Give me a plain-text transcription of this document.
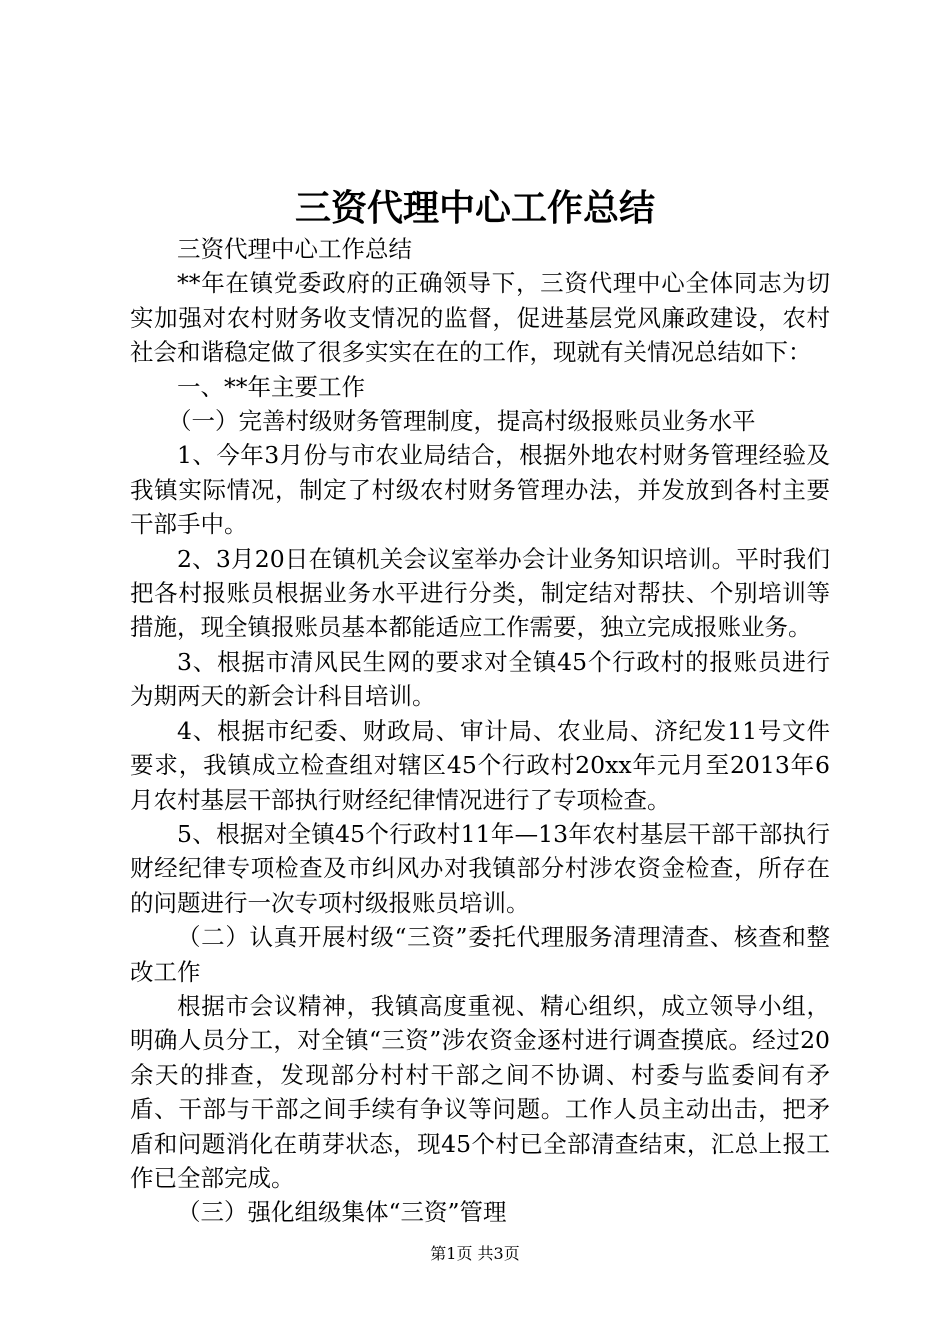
三资代理中心工作总结

三资代理中心工作总结

**年在镇党委政府的正确领导下，三资代理中心全体同志为切实加强对农村财务收支情况的监督，促进基层党风廉政建设，农村社会和谐稳定做了很多实实在在的工作，现就有关情况总结如下：

一、**年主要工作

（一）完善村级财务管理制度，提高村级报账员业务水平

1、今年3月份与市农业局结合，根据外地农村财务管理经验及我镇实际情况，制定了村级农村财务管理办法，并发放到各村主要干部手中。

2、3月20日在镇机关会议室举办会计业务知识培训。平时我们把各村报账员根据业务水平进行分类，制定结对帮扶、个别培训等措施，现全镇报账员基本都能适应工作需要，独立完成报账业务。

3、根据市清风民生网的要求对全镇45个行政村的报账员进行为期两天的新会计科目培训。

4、根据市纪委、财政局、审计局、农业局、济纪发11号文件要求，我镇成立检查组对辖区45个行政村20xx年元月至2013年6月农村基层干部执行财经纪律情况进行了专项检查。

5、根据对全镇45个行政村11年—13年农村基层干部干部执行财经纪律专项检查及市纠风办对我镇部分村涉农资金检查，所存在的问题进行一次专项村级报账员培训。

（二）认真开展村级“三资”委托代理服务清理清查、核查和整改工作

根据市会议精神，我镇高度重视、精心组织，成立领导小组，明确人员分工，对全镇“三资”涉农资金逐村进行调查摸底。经过20余天的排查，发现部分村村干部之间不协调、村委与监委间有矛盾、干部与干部之间手续有争议等问题。工作人员主动出击，把矛盾和问题消化在萌芽状态，现45个村已全部清查结束，汇总上报工作已全部完成。

（三）强化组级集体“三资”管理

第1页 共3页
